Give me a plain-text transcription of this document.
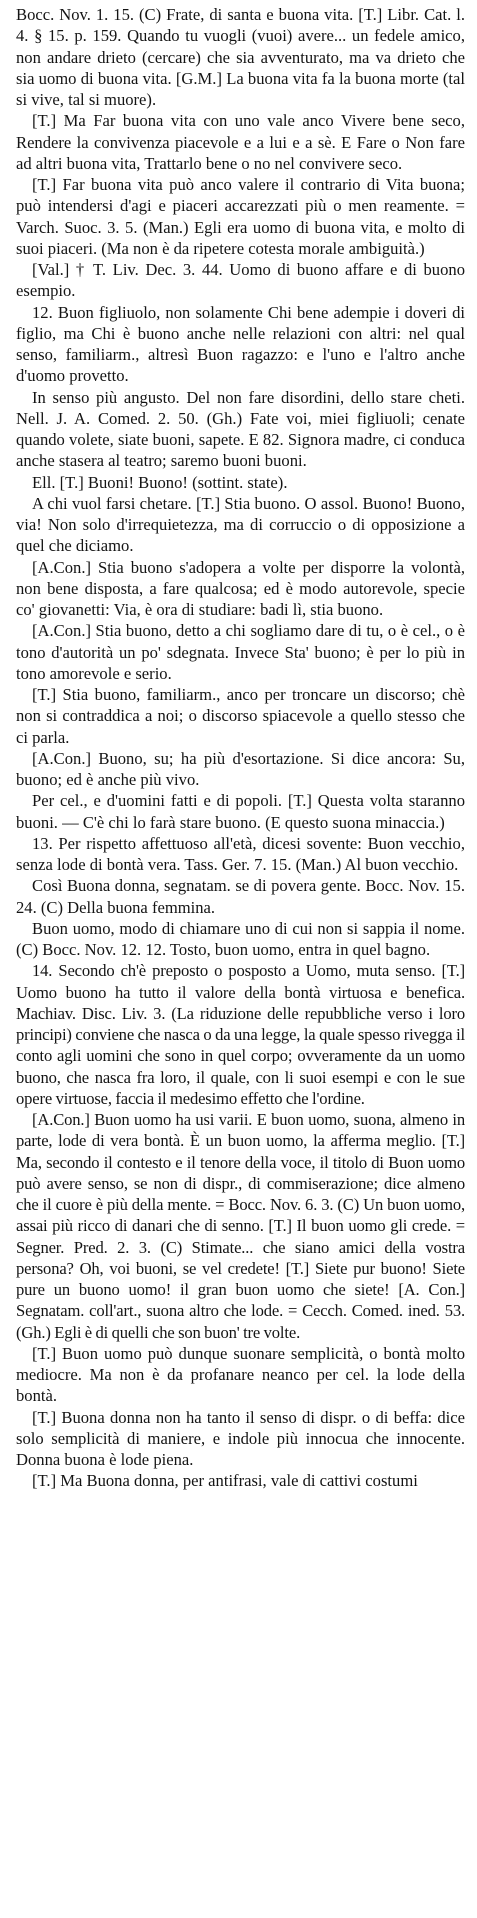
Bocc. Nov. 1. 15. (C) Frate, di santa e buona vita. [T.] Libr. Cat. l. 4. § 15. p. 159. Quando tu vuogli (vuoi) avere... un fedele amico, non andare drieto (cercare) che sia avventurato, ma va drieto che sia uomo di buona vita. [G.M.] La buona vita fa la buona morte (tal si vive, tal si muore).

[T.] Ma Far buona vita con uno vale anco Vivere bene seco, Rendere la convivenza piacevole e a lui e a sè. E Fare o Non fare ad altri buona vita, Trattarlo bene o no nel convivere seco.

[T.] Far buona vita può anco valere il contrario di Vita buona; può intendersi d'agi e piaceri accarezzati più o men reamente. = Varch. Suoc. 3. 5. (Man.) Egli era uomo di buona vita, e molto di suoi piaceri. (Ma non è da ripetere cotesta morale ambiguità.)

[Val.] † T. Liv. Dec. 3. 44. Uomo di buono affare e di buono esempio.

12. Buon figliuolo, non solamente Chi bene adempie i doveri di figlio, ma Chi è buono anche nelle relazioni con altri: nel qual senso, familiarm., altresì Buon ragazzo: e l'uno e l'altro anche d'uomo provetto.

In senso più angusto. Del non fare disordini, dello stare cheti. Nell. J. A. Comed. 2. 50. (Gh.) Fate voi, miei figliuoli; cenate quando volete, siate buoni, sapete. E 82. Signora madre, ci conduca anche stasera al teatro; saremo buoni buoni.

Ell. [T.] Buoni! Buono! (sottint. state).

A chi vuol farsi chetare. [T.] Stia buono. O assol. Buono! Buono, via! Non solo d'irrequietezza, ma di corruccio o di opposizione a quel che diciamo.

[A.Con.] Stia buono s'adopera a volte per disporre la volontà, non bene disposta, a fare qualcosa; ed è modo autorevole, specie co' giovanetti: Via, è ora di studiare: badi lì, stia buono.

[A.Con.] Stia buono, detto a chi sogliamo dare di tu, o è cel., o è tono d'autorità un po' sdegnata. Invece Sta' buono; è per lo più in tono amorevole e serio.

[T.] Stia buono, familiarm., anco per troncare un discorso; chè non si contraddica a noi; o discorso spiacevole a quello stesso che ci parla.

[A.Con.] Buono, su; ha più d'esortazione. Si dice ancora: Su, buono; ed è anche più vivo.

Per cel., e d'uomini fatti e di popoli. [T.] Questa volta staranno buoni. — C'è chi lo farà stare buono. (E questo suona minaccia.)

13. Per rispetto affettuoso all'età, dicesi sovente: Buon vecchio, senza lode di bontà vera. Tass. Ger. 7. 15. (Man.) Al buon vecchio.

Così Buona donna, segnatam. se di povera gente. Bocc. Nov. 15. 24. (C) Della buona femmina.

Buon uomo, modo di chiamare uno di cui non si sappia il nome. (C) Bocc. Nov. 12. 12. Tosto, buon uomo, entra in quel bagno.

14. Secondo ch'è preposto o posposto a Uomo, muta senso. [T.] Uomo buono ha tutto il valore della bontà virtuosa e benefica. Machiav. Disc. Liv. 3. (La riduzione delle repubbliche verso i loro principi) conviene che nasca o da una legge, la quale spesso rivegga il conto agli uomini che sono in quel corpo; ovveramente da un uomo buono, che nasca fra loro, il quale, con li suoi esempi e con le sue opere virtuose, faccia il medesimo effetto che l'ordine.

[A.Con.] Buon uomo ha usi varii. E buon uomo, suona, almeno in parte, lode di vera bontà. È un buon uomo, la afferma meglio. [T.] Ma, secondo il contesto e il tenore della voce, il titolo di Buon uomo può avere senso, se non di dispr., di commiserazione; dice almeno che il cuore è più della mente. = Bocc. Nov. 6. 3. (C) Un buon uomo, assai più ricco di danari che di senno. [T.] Il buon uomo gli crede. = Segner. Pred. 2. 3. (C) Stimate... che siano amici della vostra persona? Oh, voi buoni, se vel credete! [T.] Siete pur buono! Siete pure un buono uomo! il gran buon uomo che siete! [A. Con.] Segnatam. coll'art., suona altro che lode. = Cecch. Comed. ined. 53. (Gh.) Egli è di quelli che son buon' tre volte.

[T.] Buon uomo può dunque suonare semplicità, o bontà molto mediocre. Ma non è da profanare neanco per cel. la lode della bontà.

[T.] Buona donna non ha tanto il senso di dispr. o di beffa: dice solo semplicità di maniere, e indole più innocua che innocente. Donna buona è lode piena.

[T.] Ma Buona donna, per antifrasi, vale di cattivi costumi
